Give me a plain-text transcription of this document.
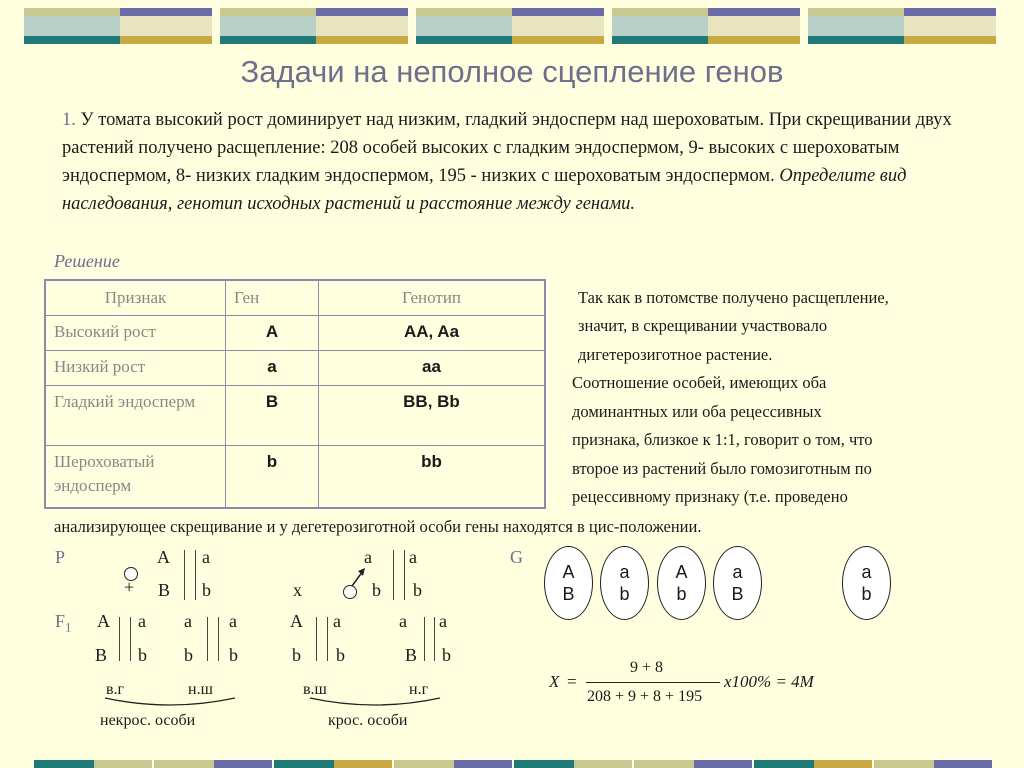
Задачи на неполное сцепление генов
1. У томата высокий рост доминирует над низким, гладкий эндосперм над шероховатым. При скрещивании двух растений получено расщепление: 208 особей высоких с гладким эндоспермом, 9- высоких с шероховатым эндоспермом, 8- низких гладким эндоспермом, 195 - низких с шероховатым эндоспермом. Определите вид наследования, генотип исходных растений и расстояние между генами.
Решение
Признак	Ген	Генотип
Высокий рост	A	AA, Aa
Низкий рост	a	aa
Гладкий эндосперм	B	BB, Bb
Шероховатый эндосперм	b	bb
Так как в потомстве получено расщепление,
значит, в скрещивании участвовало
дигетерозиготное растение.
Соотношение особей, имеющих оба
доминантных или оба рецессивных
признака, близкое к 1:1, говорит о том, что
второе из растений было гомозиготным по
рецессивному признаку (т.е. проведено
анализирующее скрещивание и у дегетерозиготной особи гены находятся в цис-положении.
P	A a
B b
+	x
a a
b b
G
A
B
a
b
A
b
a
B
a
b
$F_1$ A a
B b
a a
b b
A a
b b
a a
B b
в.г	н.ш	в.ш	н.г
некрос. особи	крос. особи
X =
9 + 8
208 + 9 + 8 + 195
x100% = 4M
